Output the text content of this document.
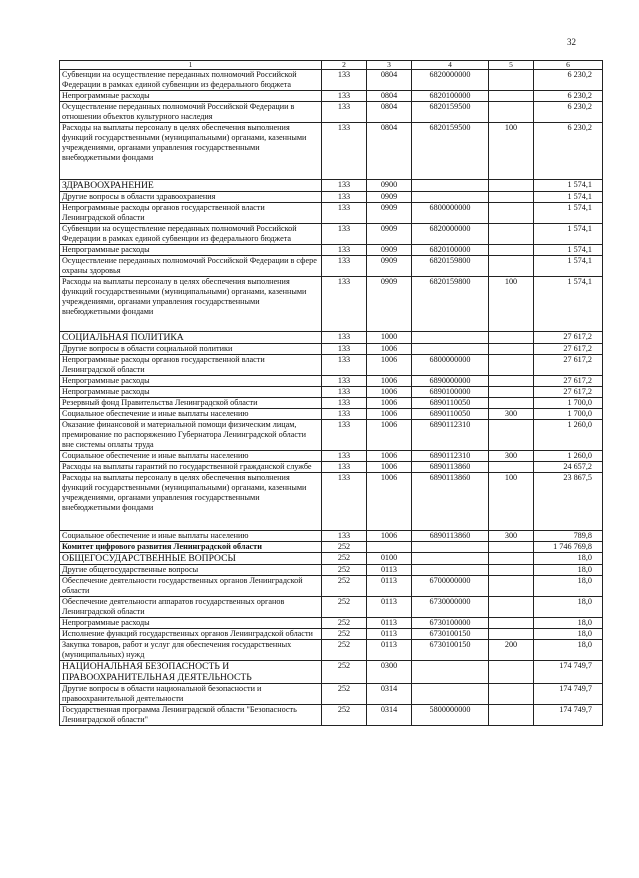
32
1	2	3	4	5	6
Субвенции на осуществление переданных полномочий Российской Федерации в рамках единой субвенции из федерального бюджета	133	0804	6820000000		6 230,2
Непрограммные расходы	133	0804	6820100000		6 230,2
Осуществление переданных полномочий Российской Федерации в отношении объектов культурного наследия	133	0804	6820159500		6 230,2
Расходы на выплаты персоналу в целях обеспечения выполнения функций государственными (муниципальными) органами, казенными учреждениями, органами управления государственными внебюджетными фондами	133	0804	6820159500	100	6 230,2
ЗДРАВООХРАНЕНИЕ	133	0900			1 574,1
Другие вопросы в области здравоохранения	133	0909			1 574,1
Непрограммные расходы органов государственной власти Ленинградской области	133	0909	6800000000		1 574,1
Субвенции на осуществление переданных полномочий Российской Федерации в рамках единой субвенции из федерального бюджета	133	0909	6820000000		1 574,1
Непрограммные расходы	133	0909	6820100000		1 574,1
Осуществление переданных полномочий Российской Федерации в сфере охраны здоровья	133	0909	6820159800		1 574,1
Расходы на выплаты персоналу в целях обеспечения выполнения функций государственными (муниципальными) органами, казенными учреждениями, органами управления государственными внебюджетными фондами	133	0909	6820159800	100	1 574,1
СОЦИАЛЬНАЯ ПОЛИТИКА	133	1000			27 617,2
Другие вопросы в области социальной политики	133	1006			27 617,2
Непрограммные расходы органов государственной власти Ленинградской области	133	1006	6800000000		27 617,2
Непрограммные расходы	133	1006	6890000000		27 617,2
Непрограммные расходы	133	1006	6890100000		27 617,2
Резервный фонд Правительства Ленинградской области	133	1006	6890110050		1 700,0
Социальное обеспечение и иные выплаты населению	133	1006	6890110050	300	1 700,0
Оказание финансовой и материальной помощи физическим лицам, премирование по распоряжению Губернатора Ленинградской области вне системы оплаты труда	133	1006	6890112310		1 260,0
Социальное обеспечение и иные выплаты населению	133	1006	6890112310	300	1 260,0
Расходы на выплаты гарантий по государственной гражданской службе	133	1006	6890113860		24 657,2
Расходы на выплаты персоналу в целях обеспечения выполнения функций государственными (муниципальными) органами, казенными учреждениями, органами управления государственными внебюджетными фондами	133	1006	6890113860	100	23 867,5
Социальное обеспечение и иные выплаты населению	133	1006	6890113860	300	789,8
Комитет цифрового развития Ленинградской области	252				1 746 769,8
ОБЩЕГОСУДАРСТВЕННЫЕ ВОПРОСЫ	252	0100			18,0
Другие общегосударственные вопросы	252	0113			18,0
Обеспечение деятельности государственных органов Ленинградской области	252	0113	6700000000		18,0
Обеспечение деятельности аппаратов государственных органов Ленинградской области	252	0113	6730000000		18,0
Непрограммные расходы	252	0113	6730100000		18,0
Исполнение функций государственных органов Ленинградской области	252	0113	6730100150		18,0
Закупка товаров, работ и услуг для обеспечения государственных (муниципальных) нужд	252	0113	6730100150	200	18,0
НАЦИОНАЛЬНАЯ БЕЗОПАСНОСТЬ И ПРАВООХРАНИТЕЛЬНАЯ ДЕЯТЕЛЬНОСТЬ	252	0300			174 749,7
Другие вопросы в области национальной безопасности и правоохранительной деятельности	252	0314			174 749,7
Государственная программа Ленинградской области "Безопасность Ленинградской области"	252	0314	5800000000		174 749,7
